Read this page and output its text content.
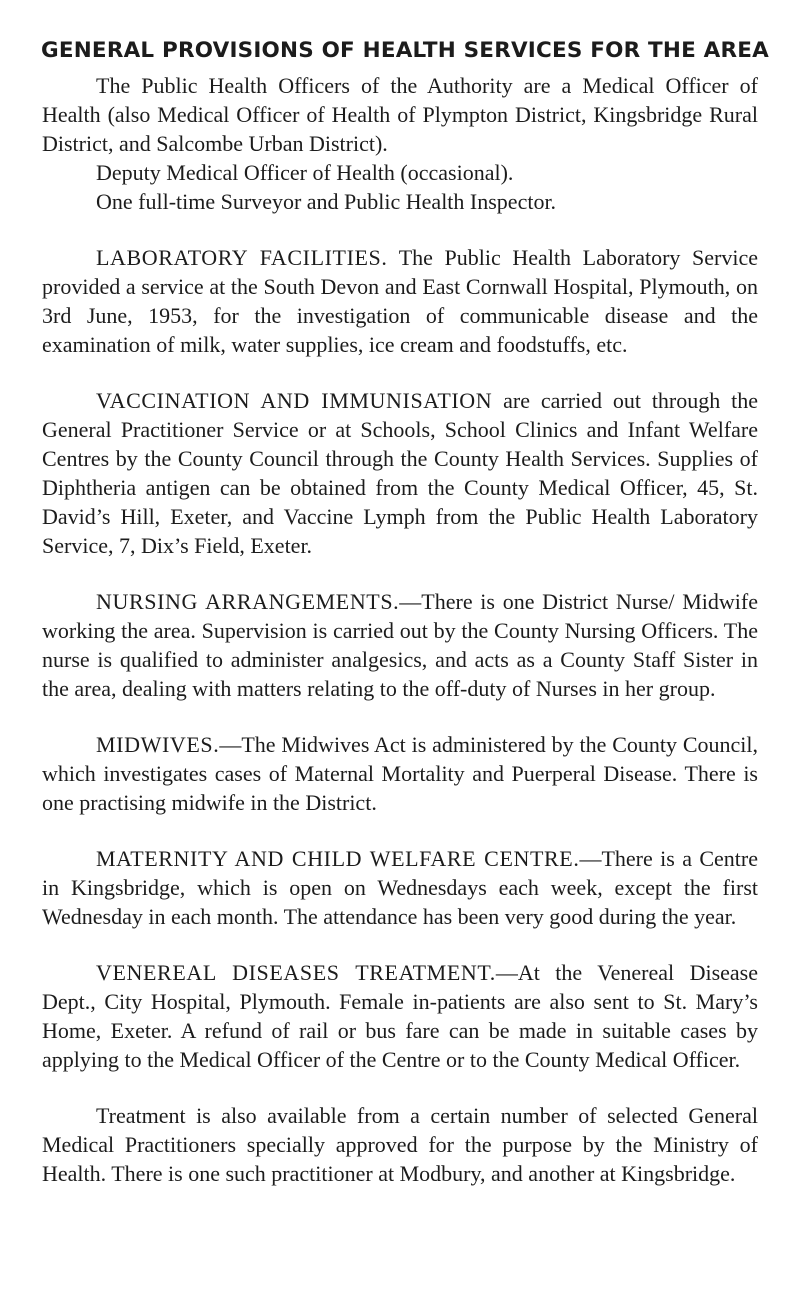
GENERAL PROVISIONS OF HEALTH SERVICES FOR THE AREA

The Public Health Officers of the Authority are a Medical Officer of Health (also Medical Officer of Health of Plympton District, Kingsbridge Rural District, and Salcombe Urban District).

Deputy Medical Officer of Health (occasional).
One full-time Surveyor and Public Health Inspector.

LABORATORY FACILITIES. The Public Health Laboratory Service provided a service at the South Devon and East Cornwall Hospital, Plymouth, on 3rd June, 1953, for the investigation of communicable disease and the examination of milk, water supplies, ice cream and foodstuffs, etc.

VACCINATION AND IMMUNISATION are carried out through the General Practitioner Service or at Schools, School Clinics and Infant Welfare Centres by the County Council through the County Health Services. Supplies of Diphtheria antigen can be obtained from the County Medical Officer, 45, St. David’s Hill, Exeter, and Vaccine Lymph from the Public Health Laboratory Service, 7, Dix’s Field, Exeter.

NURSING ARRANGEMENTS.—There is one District Nurse/ Midwife working the area. Supervision is carried out by the County Nursing Officers. The nurse is qualified to administer analgesics, and acts as a County Staff Sister in the area, dealing with matters relating to the off-duty of Nurses in her group.

MIDWIVES.—The Midwives Act is administered by the County Council, which investigates cases of Maternal Mortality and Puerperal Disease. There is one practising midwife in the District.

MATERNITY AND CHILD WELFARE CENTRE.—There is a Centre in Kingsbridge, which is open on Wednesdays each week, except the first Wednesday in each month. The attendance has been very good during the year.

VENEREAL DISEASES TREATMENT.—At the Venereal Disease Dept., City Hospital, Plymouth. Female in-patients are also sent to St. Mary’s Home, Exeter. A refund of rail or bus fare can be made in suitable cases by applying to the Medical Officer of the Centre or to the County Medical Officer.

Treatment is also available from a certain number of selected General Medical Practitioners specially approved for the purpose by the Ministry of Health. There is one such practitioner at Modbury, and another at Kingsbridge.
